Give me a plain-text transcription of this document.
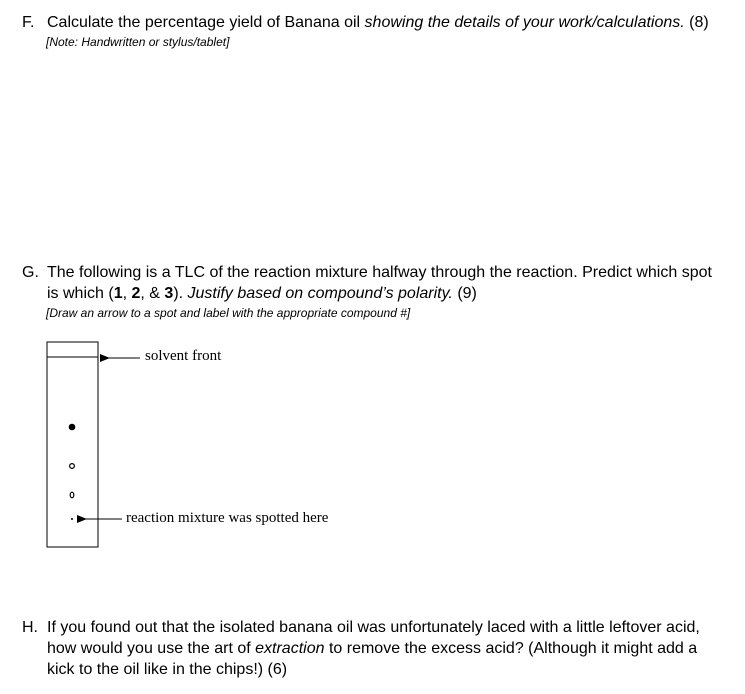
F. Calculate the percentage yield of Banana oil showing the details of your work/calculations. (8)
[Note: Handwritten or stylus/tablet]
G. The following is a TLC of the reaction mixture halfway through the reaction. Predict which spot
is which (1, 2, & 3). Justify based on compound’s polarity. (9)
[Draw an arrow to a spot and label with the appropriate compound #]
solvent front
reaction mixture was spotted here
H. If you found out that the isolated banana oil was unfortunately laced with a little leftover acid,
how would you use the art of extraction to remove the excess acid? (Although it might add a
kick to the oil like in the chips!) (6)
